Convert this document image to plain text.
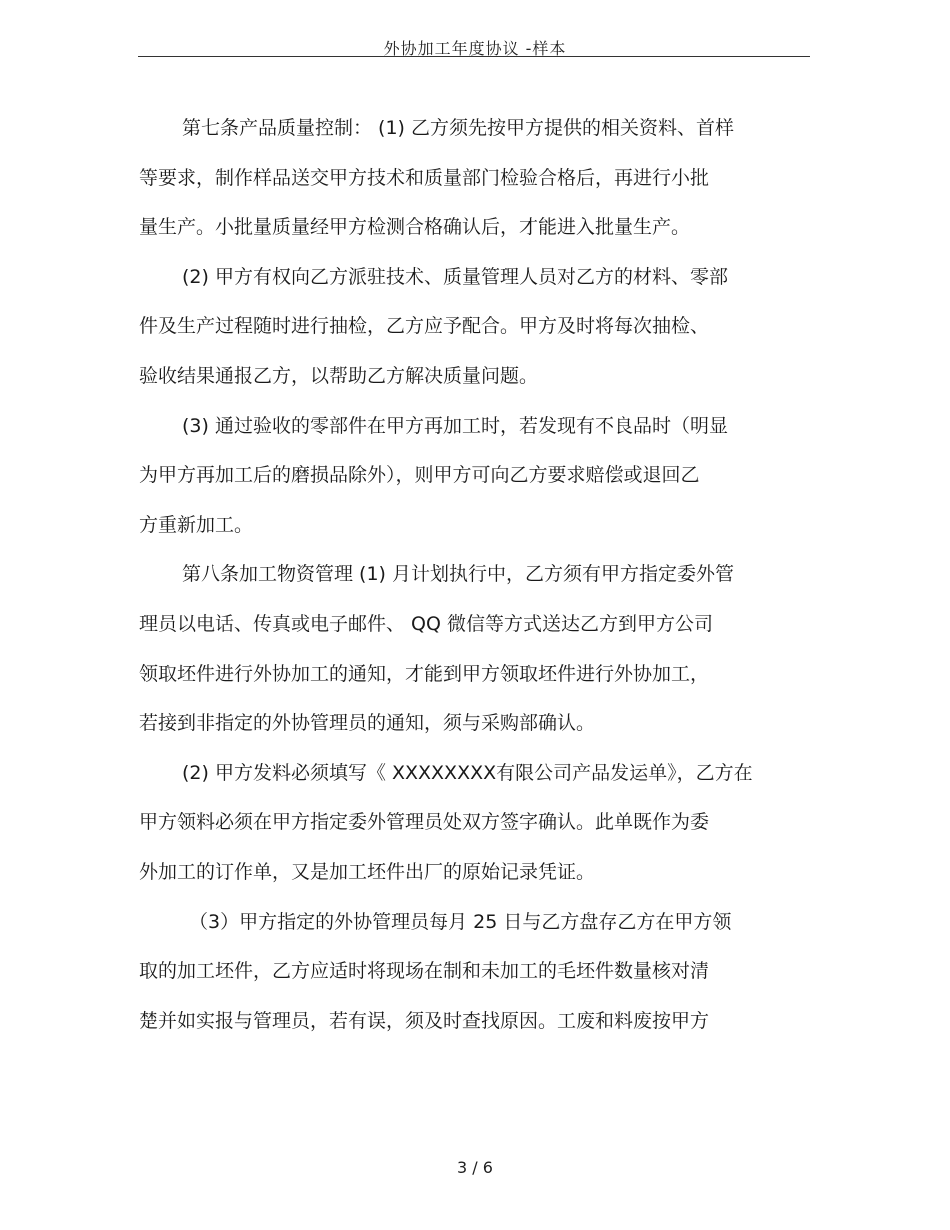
外协加工年度协议 -样本
第七条产品质量控制： (1) 乙方须先按甲方提供的相关资料、首样
等要求，制作样品送交甲方技术和质量部门检验合格后，再进行小批
量生产。小批量质量经甲方检测合格确认后，才能进入批量生产。
(2) 甲方有权向乙方派驻技术、质量管理人员对乙方的材料、零部
件及生产过程随时进行抽检，乙方应予配合。甲方及时将每次抽检、
验收结果通报乙方，以帮助乙方解决质量问题。
(3) 通过验收的零部件在甲方再加工时，若发现有不良品时（明显
为甲方再加工后的磨损品除外），则甲方可向乙方要求赔偿或退回乙
方重新加工。
第八条加工物资管理 (1) 月计划执行中，乙方须有甲方指定委外管
理员以电话、传真或电子邮件、 QQ 微信等方式送达乙方到甲方公司
领取坯件进行外协加工的通知，才能到甲方领取坯件进行外协加工，
若接到非指定的外协管理员的通知，须与采购部确认。
(2) 甲方发料必须填写《 XXXXXXXX有限公司产品发运单》，乙方在
甲方领料必须在甲方指定委外管理员处双方签字确认。此单既作为委
外加工的订作单，又是加工坯件出厂的原始记录凭证。
（3）甲方指定的外协管理员每月 25 日与乙方盘存乙方在甲方领
取的加工坯件，乙方应适时将现场在制和未加工的毛坯件数量核对清
楚并如实报与管理员，若有误，须及时查找原因。工废和料废按甲方
3 / 6
